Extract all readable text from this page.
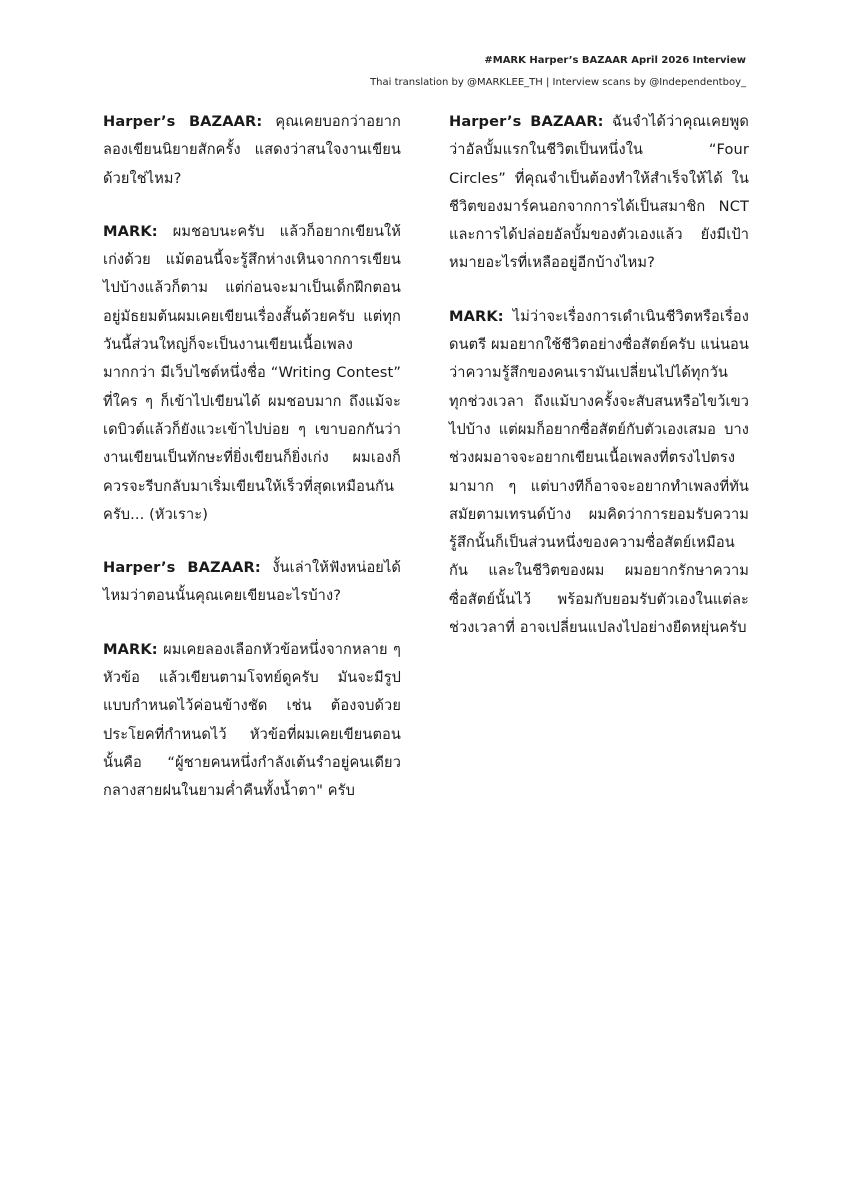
#MARK Harper’s BAZAAR April 2026 Interview
Thai translation by @MARKLEE_TH | Interview scans by @Independentboy_

Harper’s BAZAAR: คุณเคยบอกว่าอยากลองเขียนนิยายสักครั้ง แสดงว่าสนใจงานเขียนด้วยใช่ไหม?

MARK: ผมชอบนะครับ แล้วก็อยากเขียนให้เก่งด้วย แม้ตอนนี้จะรู้สึกห่างเหินจากการเขียนไปบ้างแล้วก็ตาม แต่ก่อนจะมาเป็นเด็กฝึกตอนอยู่มัธยมต้นผมเคยเขียนเรื่องสั้นด้วยครับ แต่ทุกวันนี้ส่วนใหญ่ก็จะเป็นงานเขียนเนื้อเพลงมากกว่า มีเว็บไซต์หนึ่งชื่อ “Writing Contest” ที่ใคร ๆ ก็เข้าไปเขียนได้ ผมชอบมาก ถึงแม้จะเดบิวต์แล้วก็ยังแวะเข้าไปบ่อย ๆ เขาบอกกันว่างานเขียนเป็นทักษะที่ยิ่งเขียนก็ยิ่งเก่ง ผมเองก็ควรจะรีบกลับมาเริ่มเขียนให้เร็วที่สุดเหมือนกันครับ... (หัวเราะ)

Harper’s BAZAAR: งั้นเล่าให้ฟังหน่อยได้ไหมว่าตอนนั้นคุณเคยเขียนอะไรบ้าง?

MARK: ผมเคยลองเลือกหัวข้อหนึ่งจากหลาย ๆ หัวข้อ แล้วเขียนตามโจทย์ดูครับ มันจะมีรูปแบบกำหนดไว้ค่อนข้างชัด เช่น ต้องจบด้วยประโยคที่กำหนดไว้ หัวข้อที่ผมเคยเขียนตอนนั้นคือ “ผู้ชายคนหนึ่งกำลังเต้นรำอยู่คนเดียวกลางสายฝนในยามค่ำคืนทั้งน้ำตา" ครับ

Harper’s BAZAAR: ฉันจำได้ว่าคุณเคยพูดว่าอัลบั้มแรกในชีวิตเป็นหนึ่งใน “Four Circles” ที่คุณจำเป็นต้องทำให้สำเร็จให้ได้ ในชีวิตของมาร์คนอกจากการได้เป็นสมาชิก NCT และการได้ปล่อยอัลบั้มของตัวเองแล้ว ยังมีเป้าหมายอะไรที่เหลืออยู่อีกบ้างไหม?

MARK: ไม่ว่าจะเรื่องการเดำเนินชีวิตหรือเรื่องดนตรี ผมอยากใช้ชีวิตอย่างซื่อสัตย์ครับ แน่นอนว่าความรู้สึกของคนเรามันเปลี่ยนไปได้ทุกวัน ทุกช่วงเวลา ถึงแม้บางครั้งจะสับสนหรือไขว้เขวไปบ้าง แต่ผมก็อยากซื่อสัตย์กับตัวเองเสมอ บางช่วงผมอาจจะอยากเขียนเนื้อเพลงที่ตรงไปตรงมามาก ๆ แต่บางทีก็อาจจะอยากทำเพลงที่ทันสมัยตามเทรนด์บ้าง ผมคิดว่าการยอมรับความรู้สึกนั้นก็เป็นส่วนหนึ่งของความซื่อสัตย์เหมือนกัน และในชีวิตของผม ผมอยากรักษาความซื่อสัตย์นั้นไว้ พร้อมกับยอมรับตัวเองในแต่ละช่วงเวลาที่ อาจเปลี่ยนแปลงไปอย่างยืดหยุ่นครับ
